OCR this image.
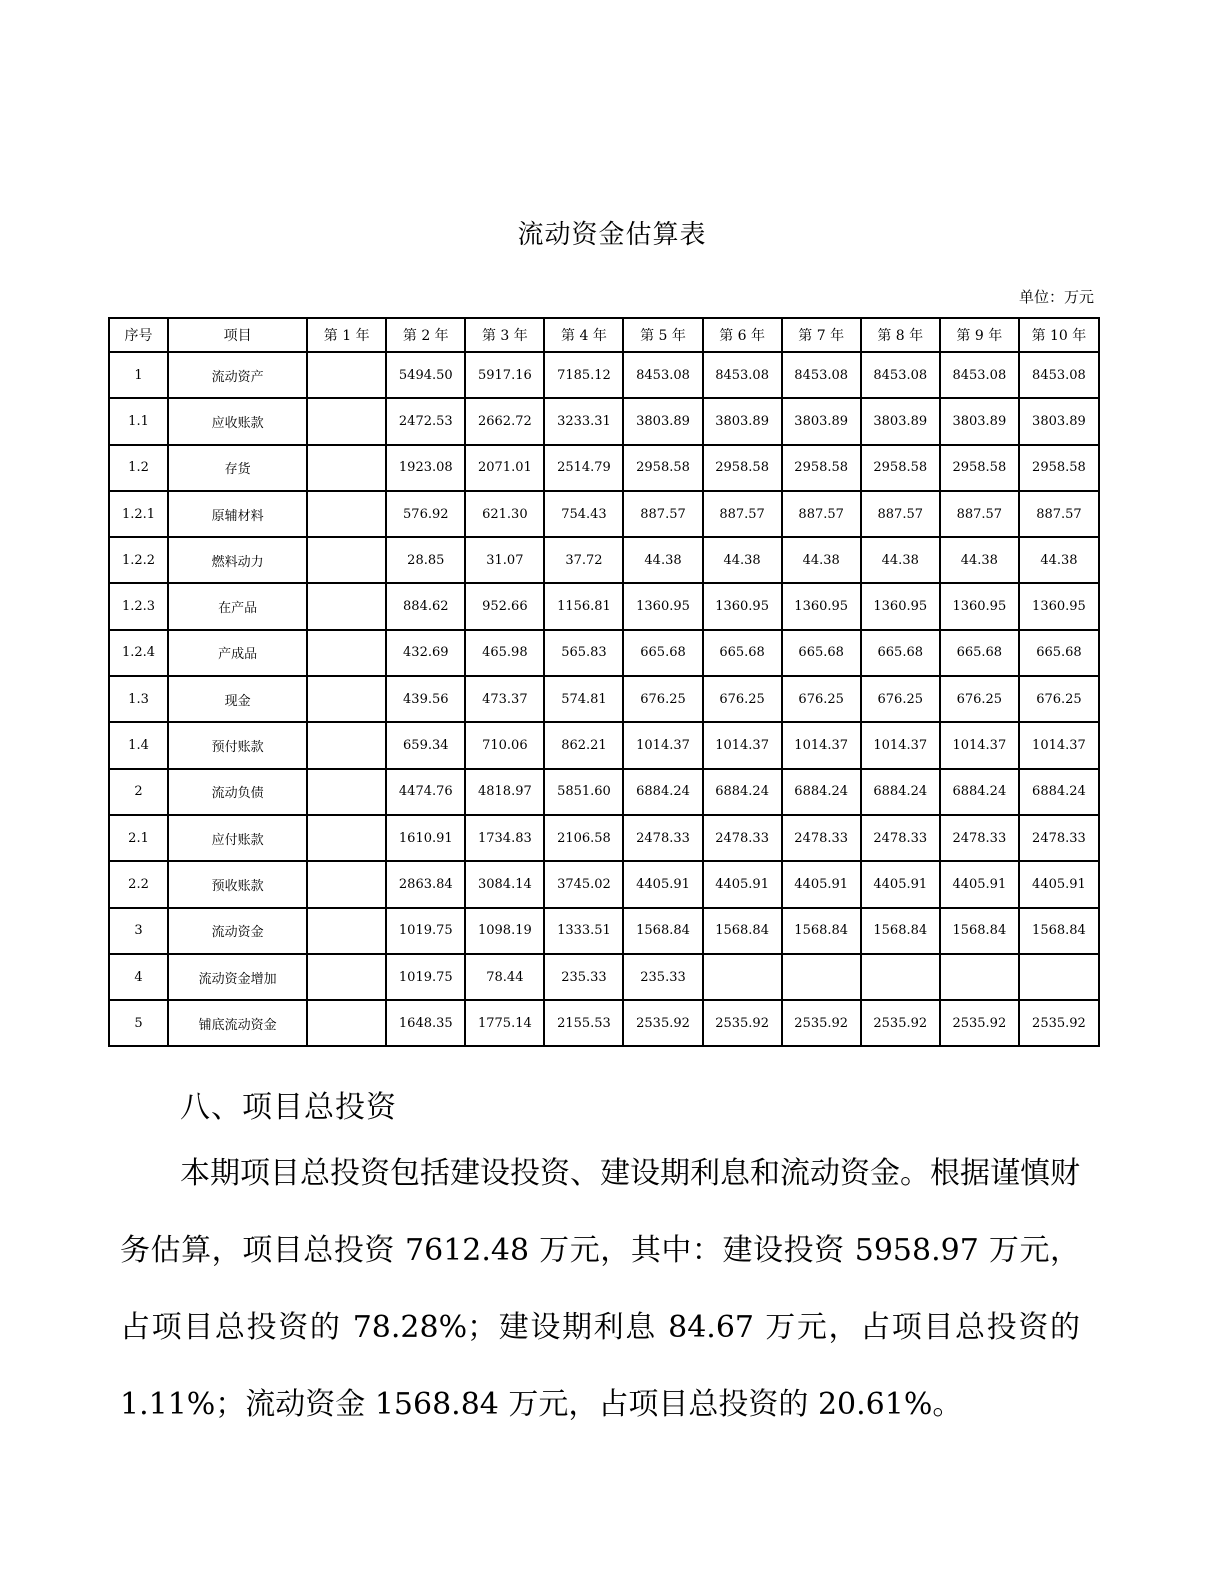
流动资金估算表
单位：万元
序号	项目	第 1 年	第 2 年	第 3 年	第 4 年	第 5 年	第 6 年	第 7 年	第 8 年	第 9 年	第 10 年
1	流动资产		5494.50	5917.16	7185.12	8453.08	8453.08	8453.08	8453.08	8453.08	8453.08
1.1	应收账款		2472.53	2662.72	3233.31	3803.89	3803.89	3803.89	3803.89	3803.89	3803.89
1.2	存货		1923.08	2071.01	2514.79	2958.58	2958.58	2958.58	2958.58	2958.58	2958.58
1.2.1	原辅材料		576.92	621.30	754.43	887.57	887.57	887.57	887.57	887.57	887.57
1.2.2	燃料动力		28.85	31.07	37.72	44.38	44.38	44.38	44.38	44.38	44.38
1.2.3	在产品		884.62	952.66	1156.81	1360.95	1360.95	1360.95	1360.95	1360.95	1360.95
1.2.4	产成品		432.69	465.98	565.83	665.68	665.68	665.68	665.68	665.68	665.68
1.3	现金		439.56	473.37	574.81	676.25	676.25	676.25	676.25	676.25	676.25
1.4	预付账款		659.34	710.06	862.21	1014.37	1014.37	1014.37	1014.37	1014.37	1014.37
2	流动负债		4474.76	4818.97	5851.60	6884.24	6884.24	6884.24	6884.24	6884.24	6884.24
2.1	应付账款		1610.91	1734.83	2106.58	2478.33	2478.33	2478.33	2478.33	2478.33	2478.33
2.2	预收账款		2863.84	3084.14	3745.02	4405.91	4405.91	4405.91	4405.91	4405.91	4405.91
3	流动资金		1019.75	1098.19	1333.51	1568.84	1568.84	1568.84	1568.84	1568.84	1568.84
4	流动资金增加		1019.75	78.44	235.33	235.33					
5	铺底流动资金		1648.35	1775.14	2155.53	2535.92	2535.92	2535.92	2535.92	2535.92	2535.92
八、项目总投资

本期项目总投资包括建设投资、建设期利息和流动资金。根据谨慎财务估算，项目总投资 7612.48 万元，其中：建设投资 5958.97 万元，占项目总投资的 78.28%；建设期利息 84.67 万元，占项目总投资的 1.11%；流动资金 1568.84 万元，占项目总投资的 20.61%。
